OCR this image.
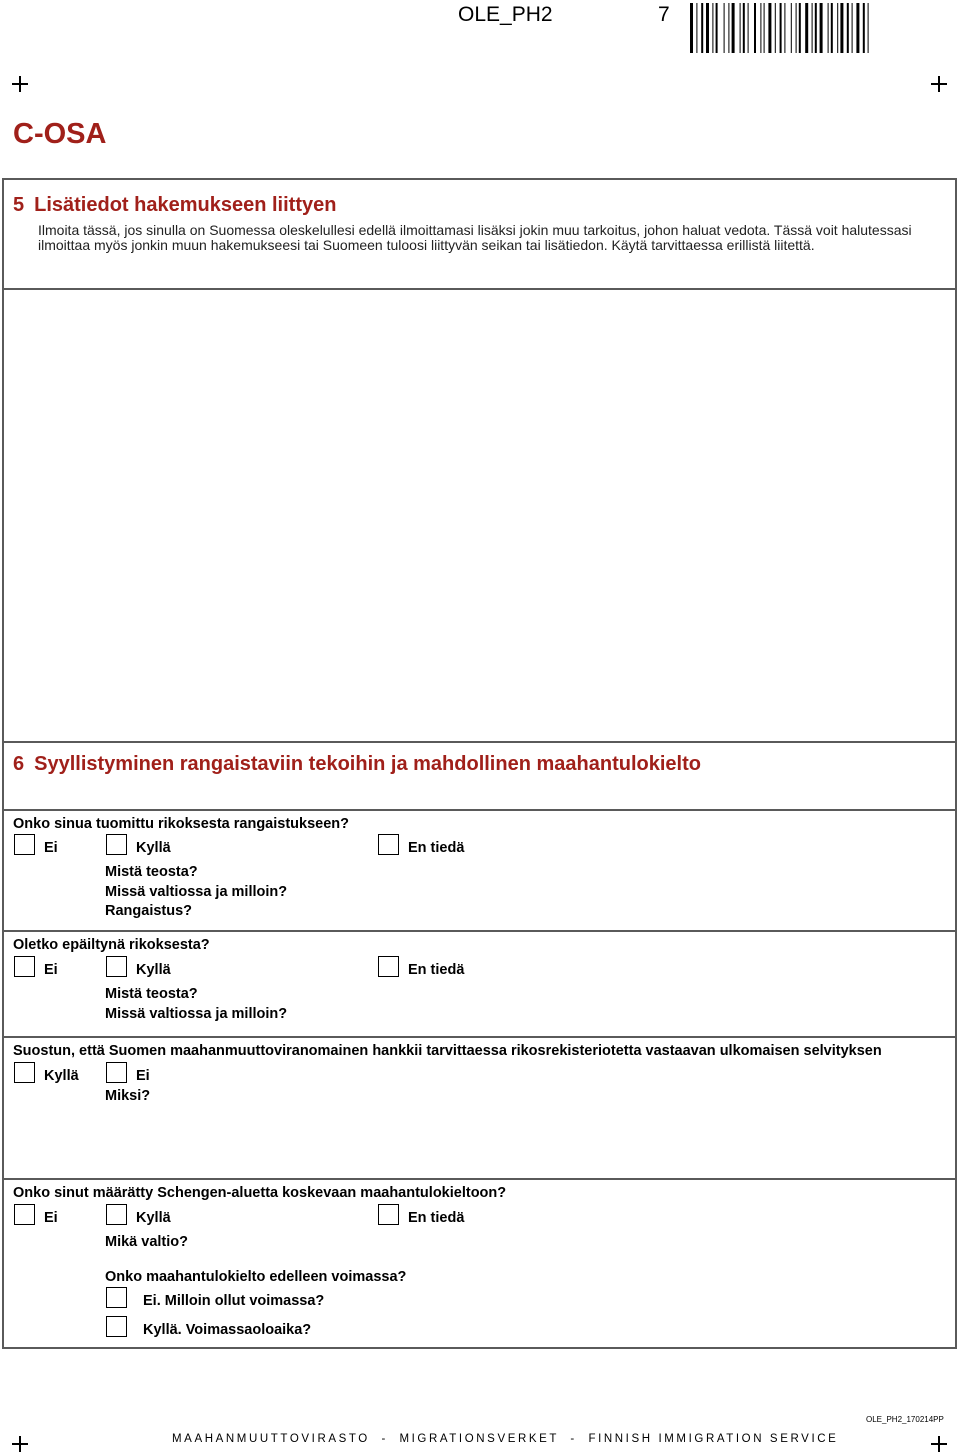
OLE_PH2	7
C-OSA
5 Lisätiedot hakemukseen liittyen
Ilmoita tässä, jos sinulla on Suomessa oleskelullesi edellä ilmoittamasi lisäksi jokin muu tarkoitus, johon haluat vedota. Tässä voit halutessasi ilmoittaa myös jonkin muun hakemukseesi tai Suomeen tuloosi liittyvän seikan tai lisätiedon. Käytä tarvittaessa erillistä liitettä.
6 Syyllistyminen rangaistaviin tekoihin ja mahdollinen maahantulokielto
Onko sinua tuomittu rikoksesta rangaistukseen?
Ei	Kyllä	En tiedä
Mistä teosta?
Missä valtiossa ja milloin?
Rangaistus?
Oletko epäiltynä rikoksesta?
Ei	Kyllä	En tiedä
Mistä teosta?
Missä valtiossa ja milloin?
Suostun, että Suomen maahanmuuttoviranomainen hankkii tarvittaessa rikosrekisteriotetta vastaavan ulkomaisen selvityksen
Kyllä	Ei
Miksi?
Onko sinut määrätty Schengen-aluetta koskevaan maahantulokieltoon?
Ei	Kyllä	En tiedä
Mikä valtio?
Onko maahantulokielto edelleen voimassa?
Ei. Milloin ollut voimassa?
Kyllä. Voimassaoloaika?
OLE_PH2_170214PP
MAAHANMUUTTOVIRASTO  -  MIGRATIONSVERKET  -  FINNISH IMMIGRATION SERVICE
